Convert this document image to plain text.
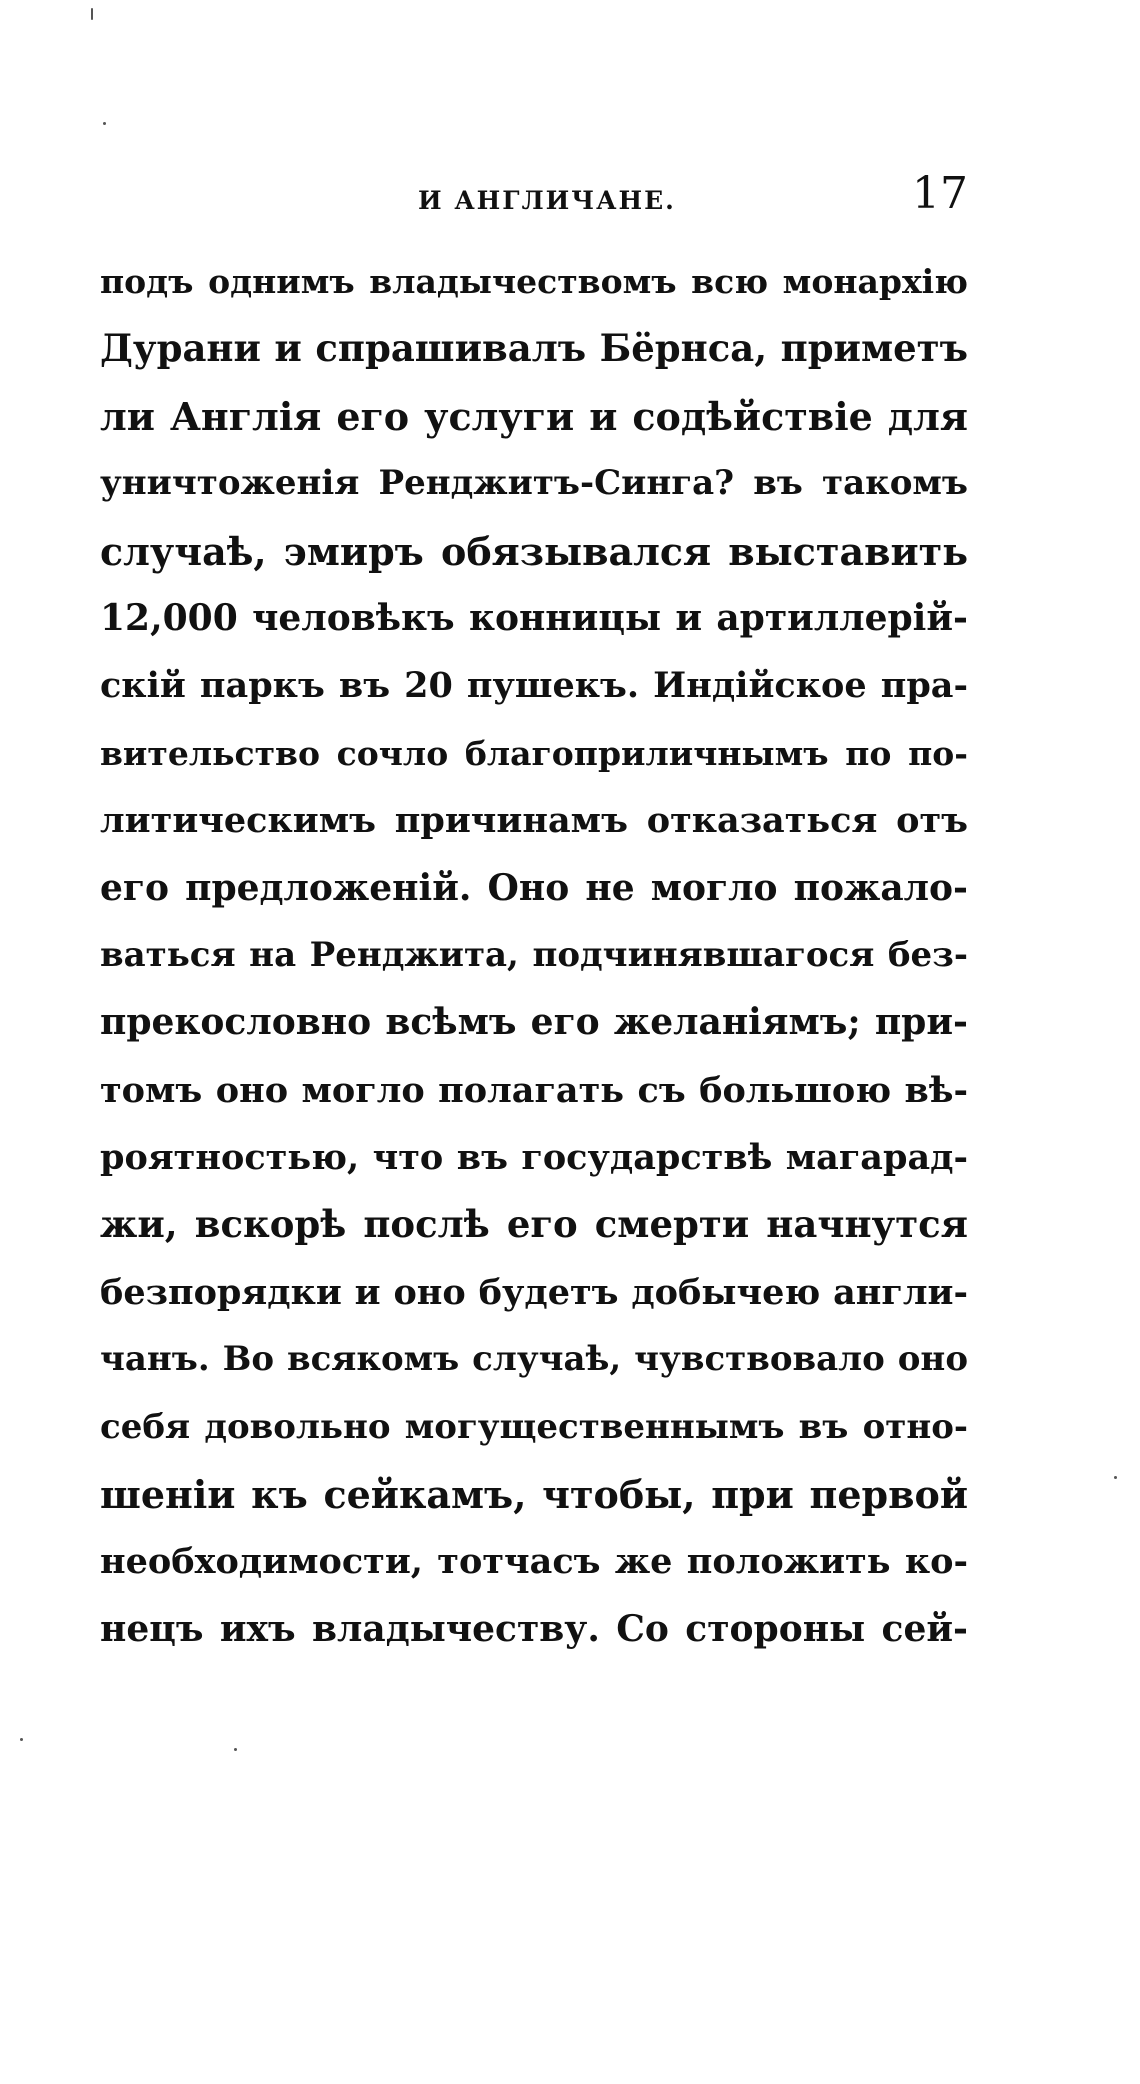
И АНГЛИЧАНЕ.	17
подъ однимъ владычествомъ всю монархію
Дурани и спрашивалъ Бёрнса, приметъ
ли Англія его услуги и содѣйствіе для
уничтоженія Ренджитъ-Синга? въ такомъ
случаѣ, эмиръ обязывался выставить
12,000 человѣкъ конницы и артиллерій-
скій паркъ въ 20 пушекъ. Индійское пра-
вительство сочло благоприличнымъ по по-
литическимъ причинамъ отказаться отъ
его предложеній. Оно не могло пожало-
ваться на Ренджита, подчинявшагося без-
прекословно всѣмъ его желаніямъ; при-
томъ оно могло полагать съ большою вѣ-
роятностью, что въ государствѣ магарад-
жи, вскорѣ послѣ его смерти начнутся
безпорядки и оно будетъ добычею англи-
чанъ. Во всякомъ случаѣ, чувствовало оно
себя довольно могущественнымъ въ отно-
шеніи къ сейкамъ, чтобы, при первой
необходимости, тотчасъ же положить ко-
нецъ ихъ владычеству. Со стороны сей-
